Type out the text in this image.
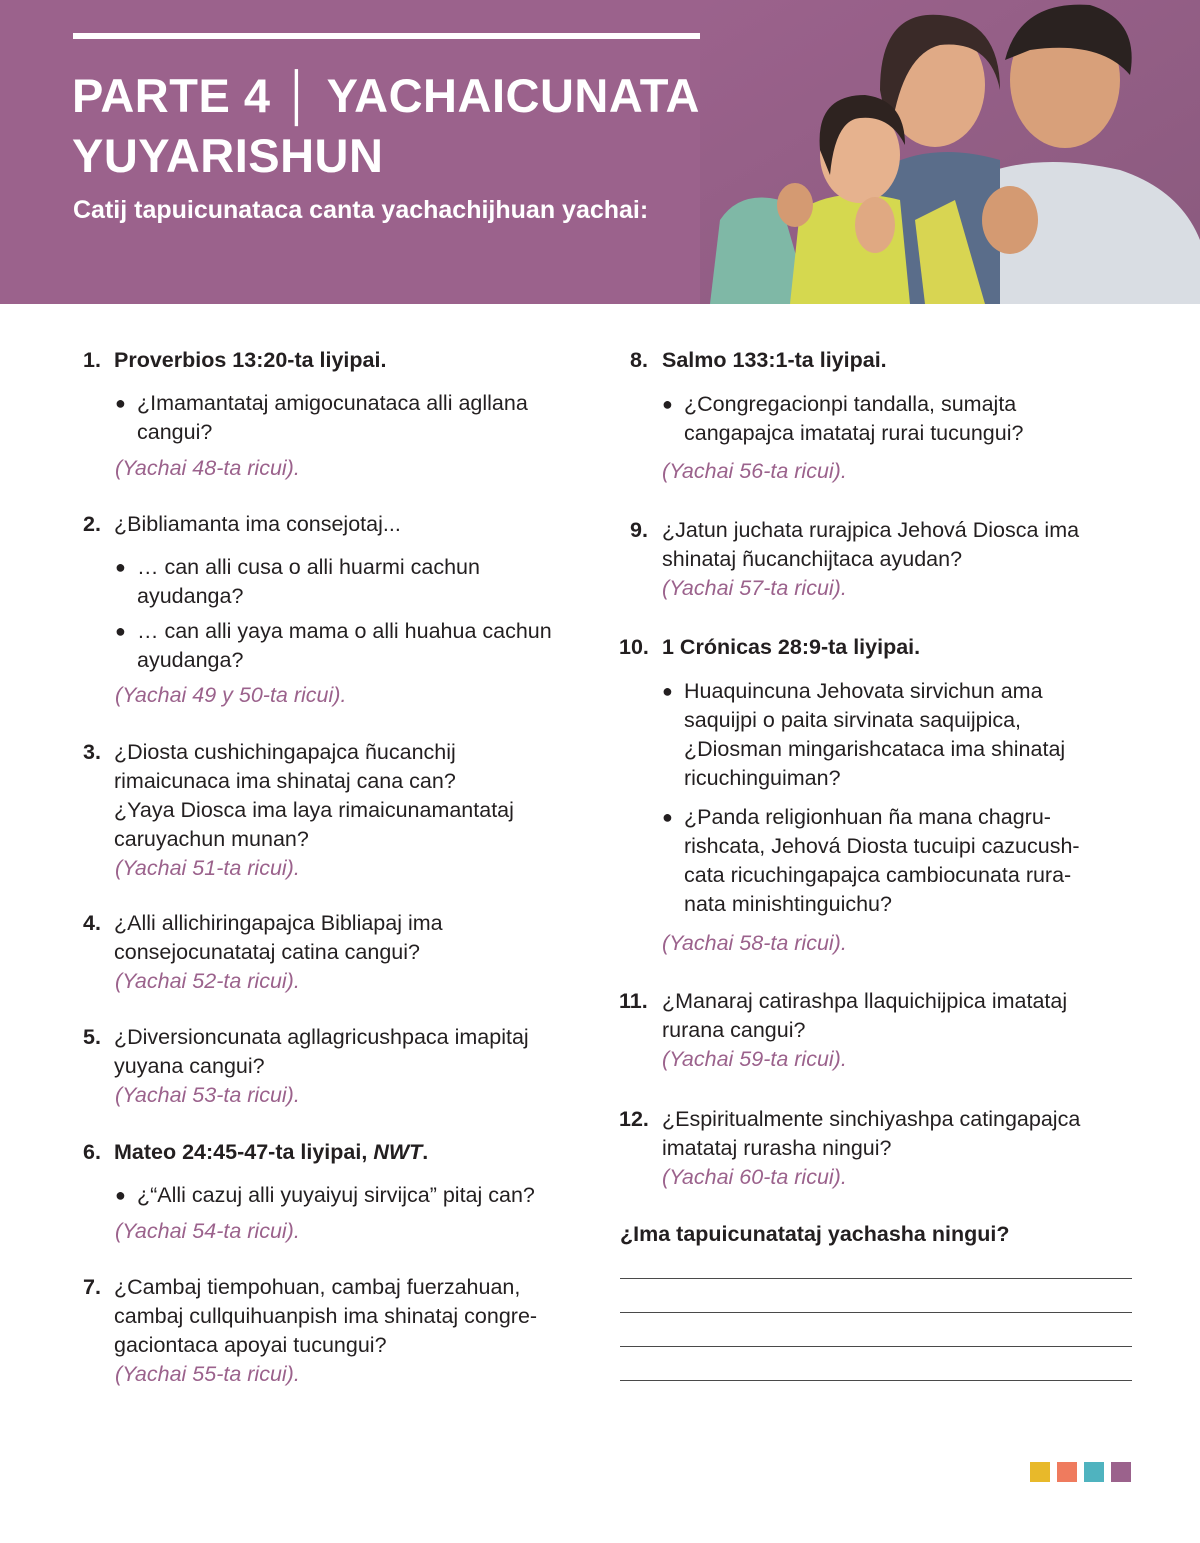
PARTE 4 │ YACHAICUNATA
YUYARISHUN
Catij tapuicunataca canta yachachijhuan yachai:
1. Proverbios 13:20-ta liyipai.
● ¿Imamantataj amigocunataca alli agllana
cangui?
(Yachai 48-ta ricui).
2. ¿Bibliamanta ima consejotaj...
● … can alli cusa o alli huarmi cachun
ayudanga?
● … can alli yaya mama o alli huahua cachun
ayudanga?
(Yachai 49 y 50-ta ricui).
3. ¿Diosta cushichingapajca ñucanchij
rimaicunaca ima shinataj cana can?
¿Yaya Diosca ima laya rimaicunamantataj
caruyachun munan?
(Yachai 51-ta ricui).
4. ¿Alli allichiringapajca Bibliapaj ima
consejocunatataj catina cangui?
(Yachai 52-ta ricui).
5. ¿Diversioncunata agllagricushpaca imapitaj
yuyana cangui?
(Yachai 53-ta ricui).
6. Mateo 24:45-47-ta liyipai, NWT.
● ¿“Alli cazuj alli yuyaiyuj sirvijca” pitaj can?
(Yachai 54-ta ricui).
7. ¿Cambaj tiempohuan, cambaj fuerzahuan,
cambaj cullquihuanpish ima shinataj congre-
gaciontaca apoyai tucungui?
(Yachai 55-ta ricui).
8. Salmo 133:1-ta liyipai.
● ¿Congregacionpi tandalla, sumajta
cangapajca imatataj rurai tucungui?
(Yachai 56-ta ricui).
9. ¿Jatun juchata rurajpica Jehová Diosca ima
shinataj ñucanchijtaca ayudan?
(Yachai 57-ta ricui).
10. 1 Crónicas 28:9-ta liyipai.
● Huaquincuna Jehovata sirvichun ama
saquijpi o paita sirvinata saquijpica,
¿Diosman mingarishcataca ima shinataj
ricuchinguiman?
● ¿Panda religionhuan ña mana chagru-
rishcata, Jehová Diosta tucuipi cazucush-
cata ricuchingapajca cambiocunata rura-
nata minishtinguichu?
(Yachai 58-ta ricui).
11. ¿Manaraj catirashpa llaquichijpica imatataj
rurana cangui?
(Yachai 59-ta ricui).
12. ¿Espiritualmente sinchiyashpa catingapajca
imatataj rurasha ningui?
(Yachai 60-ta ricui).
¿Ima tapuicunatataj yachasha ningui?
